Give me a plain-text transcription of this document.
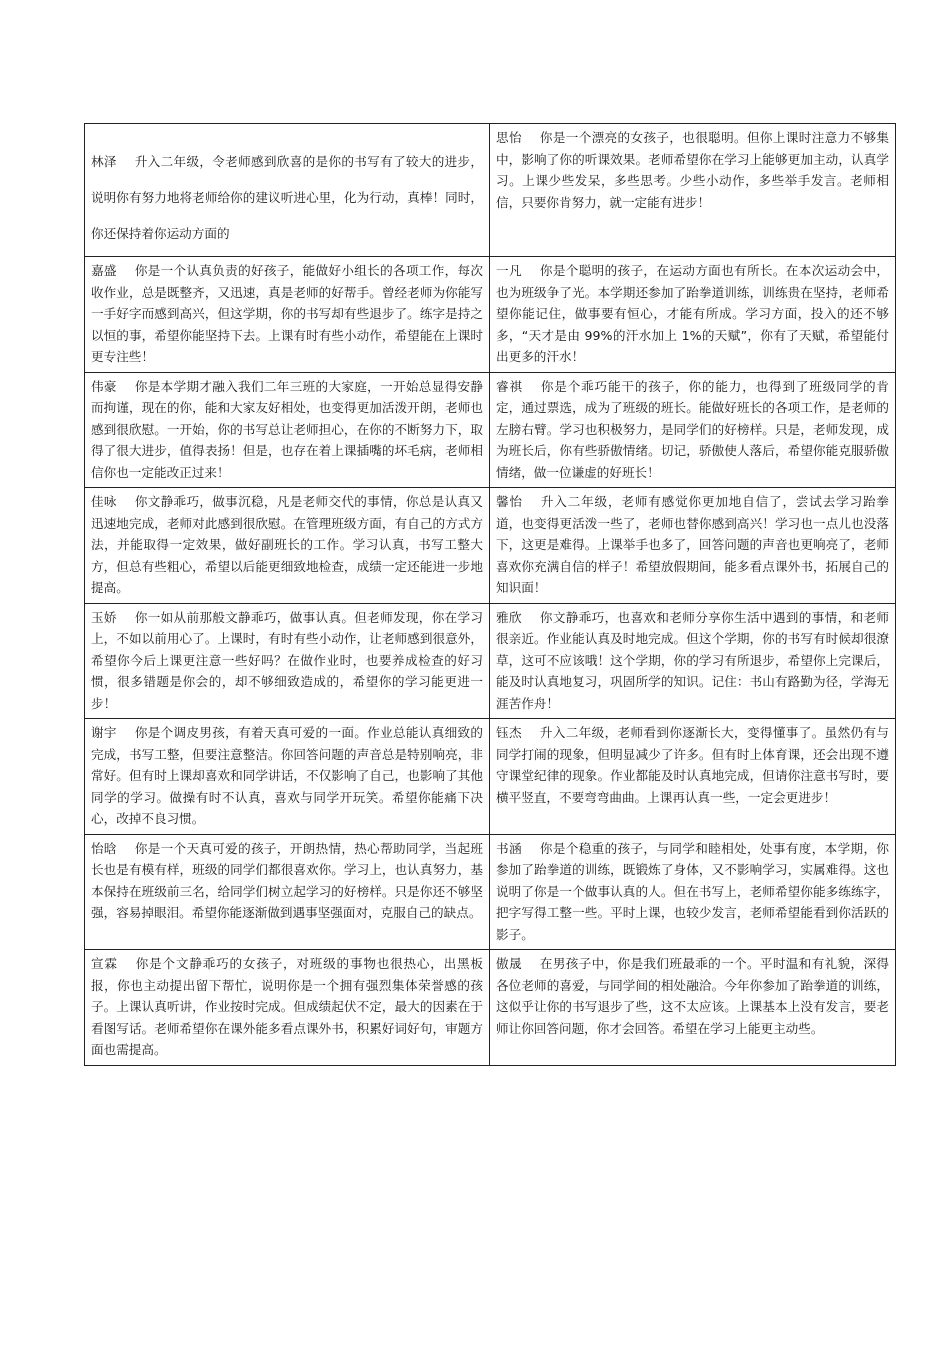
林泽 升入二年级，令老师感到欣喜的是你的书写有了较大的进步，说明你有努力地将老师给你的建议听进心里，化为行动，真棒！同时，你还保持着你运动方面的	思怡 你是一个漂亮的女孩子，也很聪明。但你上课时注意力不够集中，影响了你的听课效果。老师希望你在学习上能够更加主动，认真学习。上课少些发呆，多些思考。少些小动作，多些举手发言。老师相信，只要你肯努力，就一定能有进步！
嘉盛 你是一个认真负责的好孩子，能做好小组长的各项工作，每次收作业，总是既整齐，又迅速，真是老师的好帮手。曾经老师为你能写一手好字而感到高兴，但这学期，你的书写却有些退步了。练字是持之以恒的事，希望你能坚持下去。上课有时有些小动作，希望能在上课时更专注些！	一凡 你是个聪明的孩子，在运动方面也有所长。在本次运动会中，也为班级争了光。本学期还参加了跆拳道训练，训练贵在坚持，老师希望你能记住，做事要有恒心，才能有所成。学习方面，投入的还不够多，“天才是由 99%的汗水加上 1%的天赋”，你有了天赋，希望能付出更多的汗水！
伟豪 你是本学期才融入我们二年三班的大家庭，一开始总显得安静而拘谨，现在的你，能和大家友好相处，也变得更加活泼开朗，老师也感到很欣慰。一开始，你的书写总让老师担心，在你的不断努力下，取得了很大进步，值得表扬！但是，也存在着上课插嘴的坏毛病，老师相信你也一定能改正过来！	睿祺 你是个乖巧能干的孩子，你的能力，也得到了班级同学的肯定，通过票选，成为了班级的班长。能做好班长的各项工作，是老师的左膀右臂。学习也积极努力，是同学们的好榜样。只是，老师发现，成为班长后，你有些骄傲情绪。切记，骄傲使人落后，希望你能克服骄傲情绪，做一位谦虚的好班长！
佳咏 你文静乖巧，做事沉稳，凡是老师交代的事情，你总是认真又迅速地完成，老师对此感到很欣慰。在管理班级方面，有自己的方式方法，并能取得一定效果，做好副班长的工作。学习认真，书写工整大方，但总有些粗心，希望以后能更细致地检查，成绩一定还能进一步地提高。	馨怡 升入二年级，老师有感觉你更加地自信了，尝试去学习跆拳道，也变得更活泼一些了，老师也替你感到高兴！学习也一点儿也没落下，这更是难得。上课举手也多了，回答问题的声音也更响亮了，老师喜欢你充满自信的样子！希望放假期间，能多看点课外书，拓展自己的知识面！
玉娇 你一如从前那般文静乖巧，做事认真。但老师发现，你在学习上，不如以前用心了。上课时，有时有些小动作，让老师感到很意外，希望你今后上课更注意一些好吗？在做作业时，也要养成检查的好习惯，很多错题是你会的，却不够细致造成的，希望你的学习能更进一步！	雅欣 你文静乖巧，也喜欢和老师分享你生活中遇到的事情，和老师很亲近。作业能认真及时地完成。但这个学期，你的书写有时候却很潦草，这可不应该哦！这个学期，你的学习有所退步，希望你上完课后，能及时认真地复习，巩固所学的知识。记住：书山有路勤为径，学海无涯苦作舟！
谢宇 你是个调皮男孩，有着天真可爱的一面。作业总能认真细致的完成，书写工整，但要注意整洁。你回答问题的声音总是特别响亮，非常好。但有时上课却喜欢和同学讲话，不仅影响了自己，也影响了其他同学的学习。做操有时不认真，喜欢与同学开玩笑。希望你能痛下决心，改掉不良习惯。	钰杰 升入二年级，老师看到你逐渐长大，变得懂事了。虽然仍有与同学打闹的现象，但明显减少了许多。但有时上体育课，还会出现不遵守课堂纪律的现象。作业都能及时认真地完成，但请你注意书写时，要横平竖直，不要弯弯曲曲。上课再认真一些，一定会更进步！
怡晗 你是一个天真可爱的孩子，开朗热情，热心帮助同学，当起班长也是有模有样，班级的同学们都很喜欢你。学习上，也认真努力，基本保持在班级前三名，给同学们树立起学习的好榜样。只是你还不够坚强，容易掉眼泪。希望你能逐渐做到遇事坚强面对，克服自己的缺点。	书涵 你是个稳重的孩子，与同学和睦相处，处事有度，本学期，你参加了跆拳道的训练，既锻炼了身体，又不影响学习，实属难得。这也说明了你是一个做事认真的人。但在书写上，老师希望你能多练练字，把字写得工整一些。平时上课，也较少发言，老师希望能看到你活跃的影子。
宣霖 你是个文静乖巧的女孩子，对班级的事物也很热心，出黑板报，你也主动提出留下帮忙，说明你是一个拥有强烈集体荣誉感的孩子。上课认真听讲，作业按时完成。但成绩起伏不定，最大的因素在于看图写话。老师希望你在课外能多看点课外书，积累好词好句，审题方面也需提高。	傲晟 在男孩子中，你是我们班最乖的一个。平时温和有礼貌，深得各位老师的喜爱，与同学间的相处融洽。今年你参加了跆拳道的训练，这似乎让你的书写退步了些，这不太应该。上课基本上没有发言，要老师让你回答问题，你才会回答。希望在学习上能更主动些。
